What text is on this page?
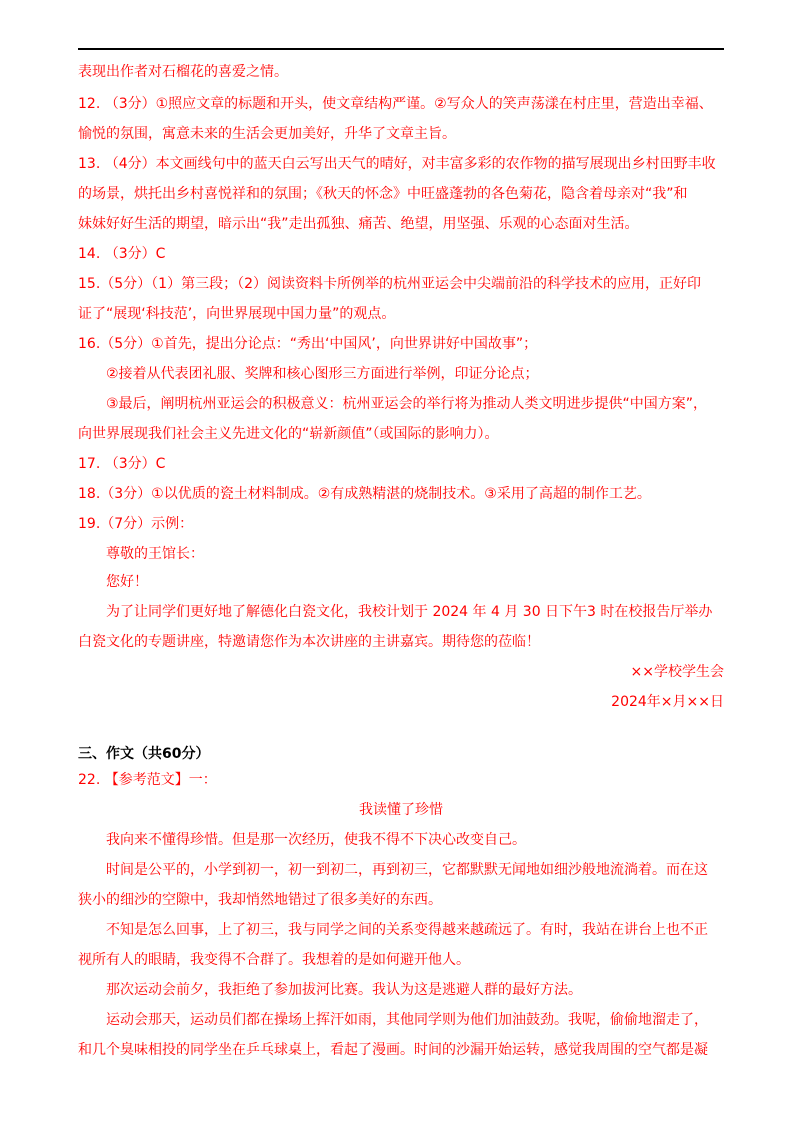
表现出作者对石榴花的喜爱之情。
12. （3分）①照应文章的标题和开头，使文章结构严谨。②写众人的笑声荡漾在村庄里，营造出幸福、
愉悦的氛围，寓意未来的生活会更加美好，升华了文章主旨。
13. （4分）本文画线句中的蓝天白云写出天气的晴好，对丰富多彩的农作物的描写展现出乡村田野丰收
的场景，烘托出乡村喜悦祥和的氛围；《秋天的怀念》中旺盛蓬勃的各色菊花，隐含着母亲对“我”和
妹妹好好生活的期望，暗示出“我”走出孤独、痛苦、绝望，用坚强、乐观的心态面对生活。
14. （3分）C
15.（5分）（1）第三段；（2）阅读资料卡所例举的杭州亚运会中尖端前沿的科学技术的应用，正好印
证了“展现‘科技范’，向世界展现中国力量”的观点。
16.（5分）①首先，提出分论点：“秀出‘中国风’，向世界讲好中国故事”；
②接着从代表团礼服、奖牌和核心图形三方面进行举例，印证分论点；
③最后，阐明杭州亚运会的积极意义：杭州亚运会的举行将为推动人类文明进步提供“中国方案”，
向世界展现我们社会主义先进文化的“崭新颜值”（或国际的影响力）。
17. （3分）C
18.（3分）①以优质的瓷土材料制成。②有成熟精湛的烧制技术。③采用了高超的制作工艺。
19.（7分）示例：
尊敬的王馆长：
您好！
为了让同学们更好地了解德化白瓷文化，我校计划于 2024 年 4 月 30 日下午3 时在校报告厅举办
白瓷文化的专题讲座，特邀请您作为本次讲座的主讲嘉宾。期待您的莅临！
××学校学生会
2024年×月××日
三、作文（共60分）
22. 【参考范文】一：
我读懂了珍惜
我向来不懂得珍惜。但是那一次经历，使我不得不下决心改变自己。
时间是公平的，小学到初一，初一到初二，再到初三，它都默默无闻地如细沙般地流淌着。而在这
狭小的细沙的空隙中，我却悄然地错过了很多美好的东西。
不知是怎么回事，上了初三，我与同学之间的关系变得越来越疏远了。有时，我站在讲台上也不正
视所有人的眼睛，我变得不合群了。我想着的是如何避开他人。
那次运动会前夕，我拒绝了参加拔河比赛。我认为这是逃避人群的最好方法。
运动会那天，运动员们都在操场上挥汗如雨，其他同学则为他们加油鼓劲。我呢，偷偷地溜走了，
和几个臭味相投的同学坐在乒乓球桌上，看起了漫画。时间的沙漏开始运转，感觉我周围的空气都是凝
